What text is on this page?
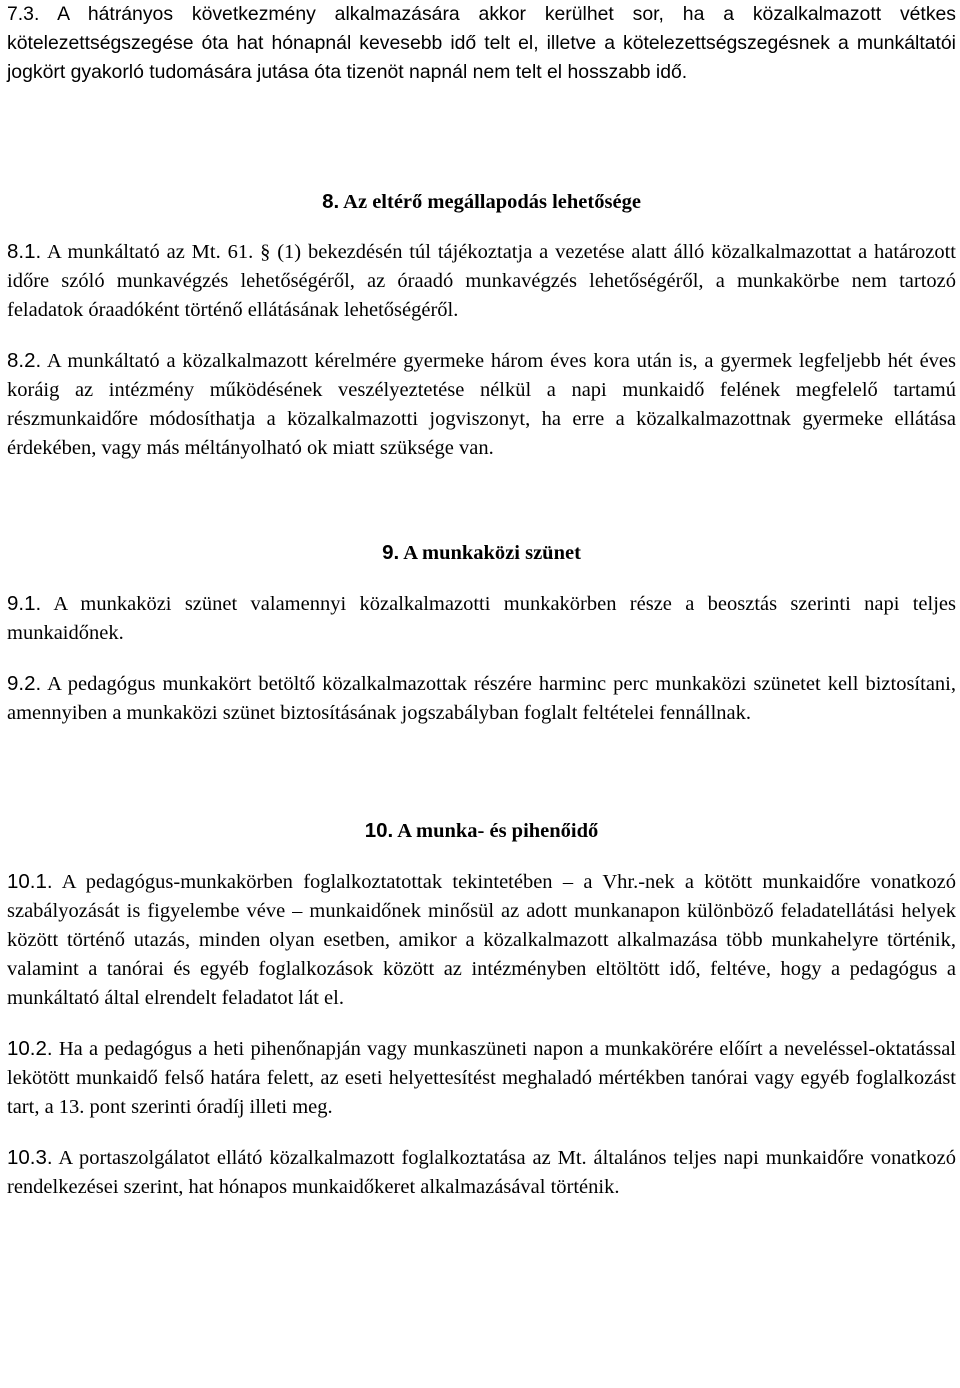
7.3. A hátrányos következmény alkalmazására akkor kerülhet sor, ha a közalkalmazott vétkes kötelezettségszegése óta hat hónapnál kevesebb idő telt el, illetve a kötelezettségszegésnek a munkáltatói jogkört gyakorló tudomására jutása óta tizenöt napnál nem telt el hosszabb idő.

8. Az eltérő megállapodás lehetősége

8.1. A munkáltató az Mt. 61. § (1) bekezdésén túl tájékoztatja a vezetése alatt álló közalkalmazottat a határozott időre szóló munkavégzés lehetőségéről, az óraadó munkavégzés lehetőségéről, a munkakörbe nem tartozó feladatok óraadóként történő ellátásának lehetőségéről.

8.2. A munkáltató a közalkalmazott kérelmére gyermeke három éves kora után is, a gyermek legfeljebb hét éves koráig az intézmény működésének veszélyeztetése nélkül a napi munkaidő felének megfelelő tartamú részmunkaidőre módosíthatja a közalkalmazotti jogviszonyt, ha erre a közalkalmazottnak gyermeke ellátása érdekében, vagy más méltányolható ok miatt szüksége van.

9. A munkaközi szünet

9.1. A munkaközi szünet valamennyi közalkalmazotti munkakörben része a beosztás szerinti napi teljes munkaidőnek.

9.2. A pedagógus munkakört betöltő közalkalmazottak részére harminc perc munkaközi szünetet kell biztosítani, amennyiben a munkaközi szünet biztosításának jogszabályban foglalt feltételei fennállnak.

10. A munka- és pihenőidő

10.1. A pedagógus-munkakörben foglalkoztatottak tekintetében – a Vhr.-nek a kötött munkaidőre vonatkozó szabályozását is figyelembe véve – munkaidőnek minősül az adott munkanapon különböző feladatellátási helyek között történő utazás, minden olyan esetben, amikor a közalkalmazott alkalmazása több munkahelyre történik, valamint a tanórai és egyéb foglalkozások között az intézményben eltöltött idő, feltéve, hogy a pedagógus a munkáltató által elrendelt feladatot lát el.

10.2. Ha a pedagógus a heti pihenőnapján vagy munkaszüneti napon a munkakörére előírt a neveléssel-oktatással lekötött munkaidő felső határa felett, az eseti helyettesítést meghaladó mértékben tanórai vagy egyéb foglalkozást tart, a 13. pont szerinti óradíj illeti meg.

10.3. A portaszolgálatot ellátó közalkalmazott foglalkoztatása az Mt. általános teljes napi munkaidőre vonatkozó rendelkezései szerint, hat hónapos munkaidőkeret alkalmazásával történik.
